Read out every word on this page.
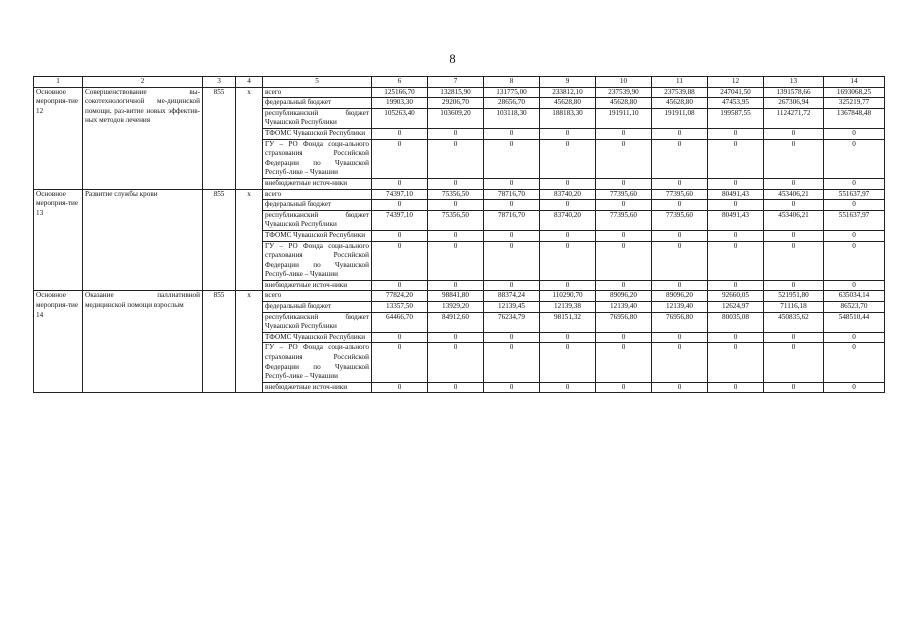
8
1	2	3	4	5	6	7	8	9	10	11	12	13	14
Основное мероприя-тие 12	Совершенствование вы-сокотехнологичной ме-дицинской помощи, раз-витие новых эффектив-ных методов лечения	855	х	всего	125166,70	132815,90	131775,00	233812,10	237539,90	237539,88	247041,50	1391578,66	1693068,25
				федеральный бюджет	19903,30	29206,70	28656,70	45628,80	45628,80	45628,80	47453,95	267306,94	325219,77
				республиканский бюджет Чувашской Республики	105263,40	103609,20	103118,30	188183,30	191911,10	191911,08	199587,55	1124271,72	1367848,48
				ТФОМС Чувашской Республики	0	0	0	0	0	0	0	0	0
				ГУ – РО Фонда соци-ального страхования Российской Федерации по Чувашской Респуб-лике – Чувашии	0	0	0	0	0	0	0	0	0
				внебюджетные источ-ники	0	0	0	0	0	0	0	0	0
Основное мероприя-тие 13	Развитие службы крови	855	х	всего	74397,10	75356,50	78716,70	83740,20	77395,60	77395,60	80491,43	453406,21	551637,97
				федеральный бюджет	0	0	0	0	0	0	0	0	0
				республиканский бюджет Чувашской Республики	74397,10	75356,50	78716,70	83740,20	77395,60	77395,60	80491,43	453406,21	551637,97
				ТФОМС Чувашской Республики	0	0	0	0	0	0	0	0	0
				ГУ – РО Фонда соци-ального страхования Российской Федерации по Чувашской Респуб-лике – Чувашии	0	0	0	0	0	0	0	0	0
				внебюджетные источ-ники	0	0	0	0	0	0	0	0	0
Основное мероприя-тие 14	Оказание паллиативной медицинской помощи взрослым	855	х	всего	77824,20	98841,80	88374,24	110290,70	89096,20	89096,20	92660,05	521951,80	635034,14
				федеральный бюджет	13357,50	13929,20	12139,45	12139,38	12139,40	12139,40	12624,97	71116,18	86523,70
				республиканский бюджет Чувашской Республики	64466,70	84912,60	76234,79	98151,32	76956,80	76956,80	80035,08	450835,62	548510,44
				ТФОМС Чувашской Республики	0	0	0	0	0	0	0	0	0
				ГУ – РО Фонда соци-ального страхования Российской Федерации по Чувашской Респуб-лике – Чувашии	0	0	0	0	0	0	0	0	0
				внебюджетные источ-ники	0	0	0	0	0	0	0	0	0
